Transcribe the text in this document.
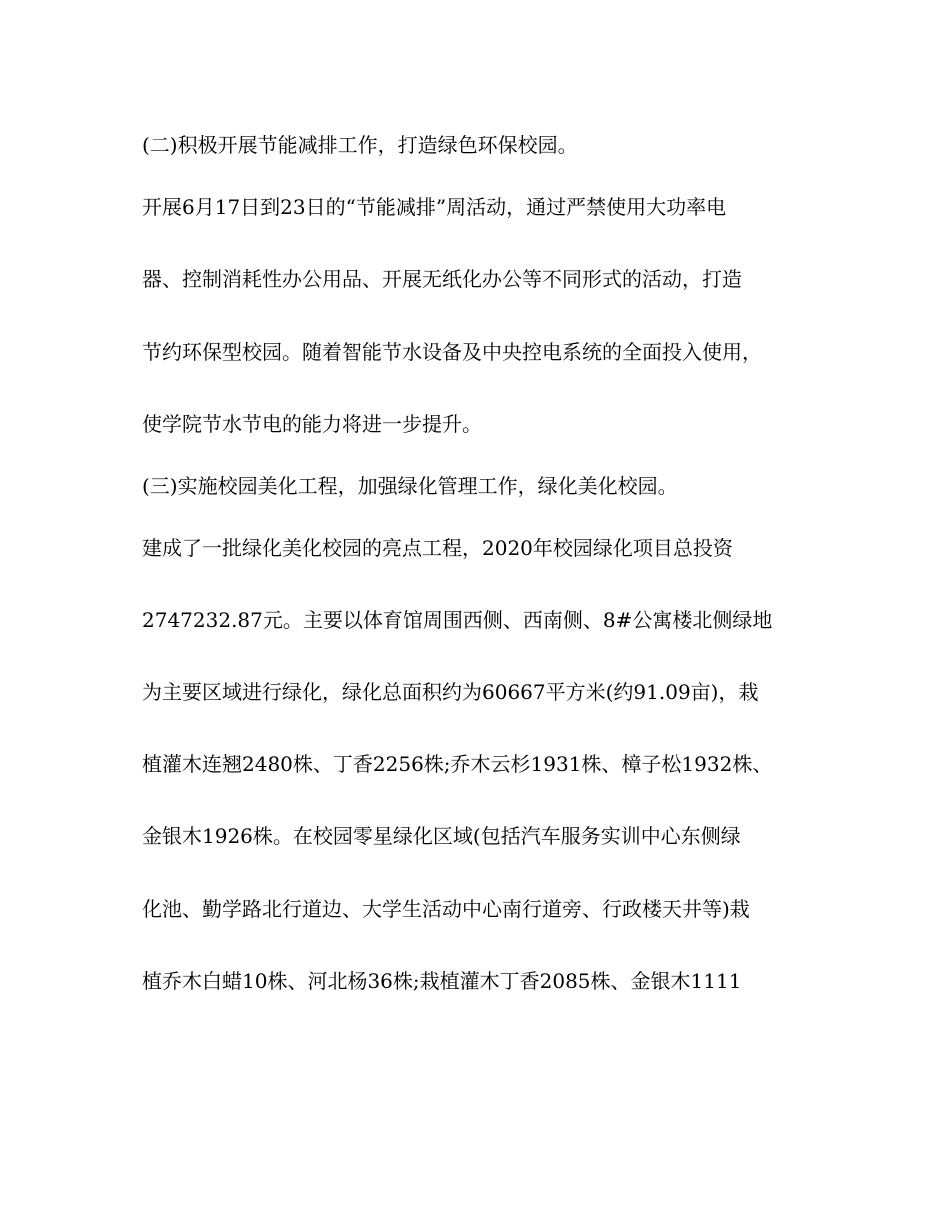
(二)积极开展节能减排工作，打造绿色环保校园。
开展6月17日到23日的“节能减排”周活动，通过严禁使用大功率电
器、控制消耗性办公用品、开展无纸化办公等不同形式的活动，打造
节约环保型校园。随着智能节水设备及中央控电系统的全面投入使用，
使学院节水节电的能力将进一步提升。
(三)实施校园美化工程，加强绿化管理工作，绿化美化校园。
建成了一批绿化美化校园的亮点工程，2020年校园绿化项目总投资
2747232.87元。主要以体育馆周围西侧、西南侧、8#公寓楼北侧绿地
为主要区域进行绿化，绿化总面积约为60667平方米(约91.09亩)，栽
植灌木连翘2480株、丁香2256株;乔木云杉1931株、樟子松1932株、
金银木1926株。在校园零星绿化区域(包括汽车服务实训中心东侧绿
化池、勤学路北行道边、大学生活动中心南行道旁、行政楼天井等)栽
植乔木白蜡10株、河北杨36株;栽植灌木丁香2085株、金银木1111
